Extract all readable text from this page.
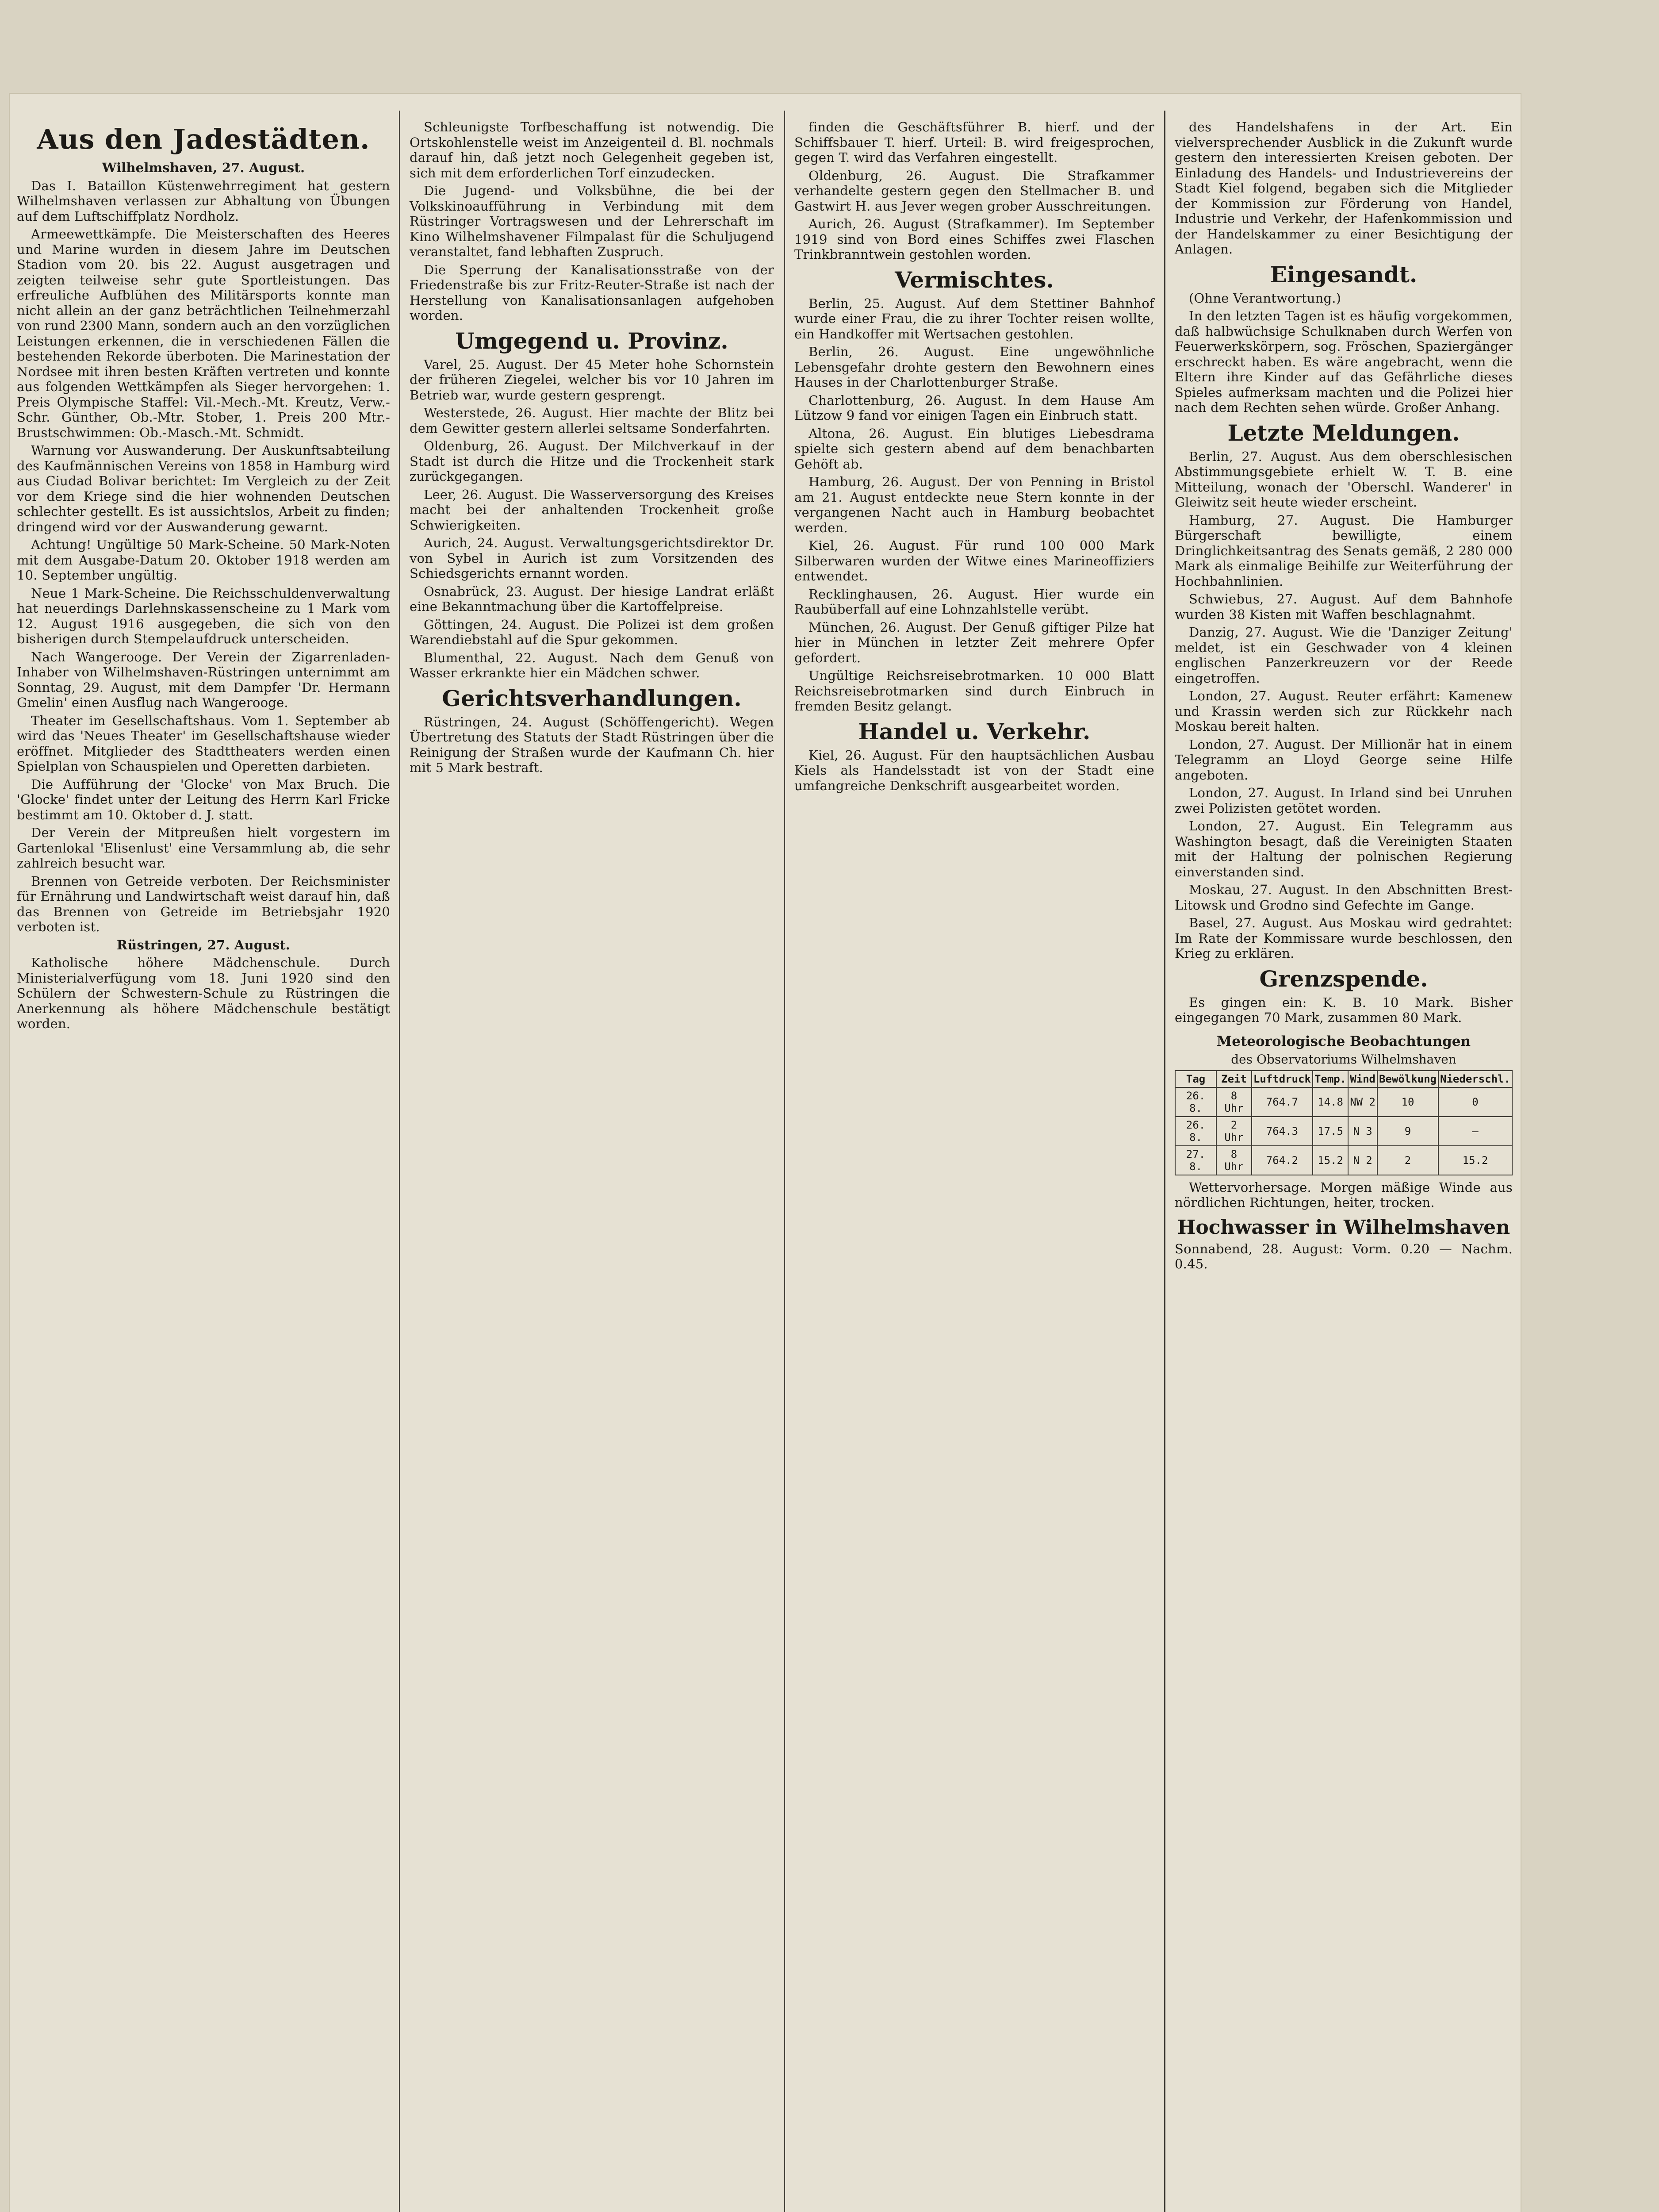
Aus den Jadestädten.

Wilhelmshaven, 27. August.

Das I. Bataillon Küstenwehrregiment hat gestern Wilhelmshaven verlassen zur Abhaltung von Übungen auf dem Luftschiffplatz Nordholz.

Armeewettkämpfe. Die Meisterschaften des Heeres und Marine wurden in diesem Jahre im Deutschen Stadion vom 20. bis 22. August ausgetragen und zeigten teilweise sehr gute Sportleistungen. Das erfreuliche Aufblühen des Militärsports konnte man nicht allein an der ganz beträchtlichen Teilnehmerzahl von rund 2300 Mann, sondern auch an den vorzüglichen Leistungen erkennen, die in verschiedenen Fällen die bestehenden Rekorde überboten. Die Marinestation der Nordsee mit ihren besten Kräften vertreten und konnte aus folgenden Wettkämpfen als Sieger hervorgehen: 1. Preis Olympische Staffel: Vil.-Mech.-Mt. Kreutz, Verw.-Schr. Günther, Ob.-Mtr. Stober, 1. Preis 200 Mtr.-Brustschwimmen: Ob.-Masch.-Mt. Schmidt.

Warnung vor Auswanderung. Der Auskunftsabteilung des Kaufmännischen Vereins von 1858 in Hamburg wird aus Ciudad Bolivar berichtet: Im Vergleich zu der Zeit vor dem Kriege sind die hier wohnenden Deutschen schlechter gestellt. Es ist aussichtslos, Arbeit zu finden; dringend wird vor der Auswanderung gewarnt.

Achtung! Ungültige 50 Mark-Scheine. 50 Mark-Noten mit dem Ausgabe-Datum 20. Oktober 1918 werden am 10. September ungültig.

Neue 1 Mark-Scheine. Die Reichsschuldenverwaltung hat neuerdings Darlehnskassenscheine zu 1 Mark vom 12. August 1916 ausgegeben, die sich von den bisherigen durch Stempelaufdruck unterscheiden.

Nach Wangerooge. Der Verein der Zigarrenladen-Inhaber von Wilhelmshaven-Rüstringen unternimmt am Sonntag, 29. August, mit dem Dampfer 'Dr. Hermann Gmelin' einen Ausflug nach Wangerooge.

Theater im Gesellschaftshaus. Vom 1. September ab wird das 'Neues Theater' im Gesellschaftshause wieder eröffnet. Mitglieder des Stadttheaters werden einen Spielplan von Schauspielen und Operetten darbieten.

Die Aufführung der 'Glocke' von Max Bruch. Die 'Glocke' findet unter der Leitung des Herrn Karl Fricke bestimmt am 10. Oktober d. J. statt.

Der Verein der Mitpreußen hielt vorgestern im Gartenlokal 'Elisenlust' eine Versammlung ab, die sehr zahlreich besucht war.

Brennen von Getreide verboten. Der Reichsminister für Ernährung und Landwirtschaft weist darauf hin, daß das Brennen von Getreide im Betriebsjahr 1920 verboten ist.

Rüstringen, 27. August.

Katholische höhere Mädchenschule. Durch Ministerialverfügung vom 18. Juni 1920 sind den Schülern der Schwestern-Schule zu Rüstringen die Anerkennung als höhere Mädchenschule bestätigt worden.

Schleunigste Torfbeschaffung ist notwendig. Die Ortskohlenstelle weist im Anzeigenteil d. Bl. nochmals darauf hin, daß jetzt noch Gelegenheit gegeben ist, sich mit dem erforderlichen Torf einzudecken.

Die Jugend- und Volksbühne, die bei der Volkskinoaufführung in Verbindung mit dem Rüstringer Vortragswesen und der Lehrerschaft im Kino Wilhelmshavener Filmpalast für die Schuljugend veranstaltet, fand lebhaften Zuspruch.

Die Sperrung der Kanalisationsstraße von der Friedenstraße bis zur Fritz-Reuter-Straße ist nach der Herstellung von Kanalisationsanlagen aufgehoben worden.

Umgegend u. Provinz.

Varel, 25. August. Der 45 Meter hohe Schornstein der früheren Ziegelei, welcher bis vor 10 Jahren im Betrieb war, wurde gestern gesprengt.

Westerstede, 26. August. Hier machte der Blitz bei dem Gewitter gestern allerlei seltsame Sonderfahrten.

Oldenburg, 26. August. Der Milchverkauf in der Stadt ist durch die Hitze und die Trockenheit stark zurückgegangen.

Leer, 26. August. Die Wasserversorgung des Kreises macht bei der anhaltenden Trockenheit große Schwierigkeiten.

Aurich, 24. August. Verwaltungsgerichtsdirektor Dr. von Sybel in Aurich ist zum Vorsitzenden des Schiedsgerichts ernannt worden.

Osnabrück, 23. August. Der hiesige Landrat erläßt eine Bekanntmachung über die Kartoffelpreise.

Göttingen, 24. August. Die Polizei ist dem großen Warendiebstahl auf die Spur gekommen.

Blumenthal, 22. August. Nach dem Genuß von Wasser erkrankte hier ein Mädchen schwer.

Gerichtsverhandlungen.

Rüstringen, 24. August (Schöffengericht). Wegen Übertretung des Statuts der Stadt Rüstringen über die Reinigung der Straßen wurde der Kaufmann Ch. hier mit 5 Mark bestraft.

finden die Geschäftsführer B. hierf. und der Schiffsbauer T. hierf. Urteil: B. wird freigesprochen, gegen T. wird das Verfahren eingestellt.

Oldenburg, 26. August. Die Strafkammer verhandelte gestern gegen den Stellmacher B. und Gastwirt H. aus Jever wegen grober Ausschreitungen.

Aurich, 26. August (Strafkammer). Im September 1919 sind von Bord eines Schiffes zwei Flaschen Trinkbranntwein gestohlen worden.

Vermischtes.

Berlin, 25. August. Auf dem Stettiner Bahnhof wurde einer Frau, die zu ihrer Tochter reisen wollte, ein Handkoffer mit Wertsachen gestohlen.

Berlin, 26. August. Eine ungewöhnliche Lebensgefahr drohte gestern den Bewohnern eines Hauses in der Charlottenburger Straße.

Charlottenburg, 26. August. In dem Hause Am Lützow 9 fand vor einigen Tagen ein Einbruch statt.

Altona, 26. August. Ein blutiges Liebesdrama spielte sich gestern abend auf dem benachbarten Gehöft ab.

Hamburg, 26. August. Der von Penning in Bristol am 21. August entdeckte neue Stern konnte in der vergangenen Nacht auch in Hamburg beobachtet werden.

Kiel, 26. August. Für rund 100 000 Mark Silberwaren wurden der Witwe eines Marineoffiziers entwendet.

Recklinghausen, 26. August. Hier wurde ein Raubüberfall auf eine Lohnzahlstelle verübt.

München, 26. August. Der Genuß giftiger Pilze hat hier in München in letzter Zeit mehrere Opfer gefordert.

Ungültige Reichsreisebrotmarken. 10 000 Blatt Reichsreisebrotmarken sind durch Einbruch in fremden Besitz gelangt.

Handel u. Verkehr.

Kiel, 26. August. Für den hauptsächlichen Ausbau Kiels als Handelsstadt ist von der Stadt eine umfangreiche Denkschrift ausgearbeitet worden.

des Handelshafens in der Art. Ein vielversprechender Ausblick in die Zukunft wurde gestern den interessierten Kreisen geboten. Der Einladung des Handels- und Industrievereins der Stadt Kiel folgend, begaben sich die Mitglieder der Kommission zur Förderung von Handel, Industrie und Verkehr, der Hafenkommission und der Handelskammer zu einer Besichtigung der Anlagen.

Eingesandt.

(Ohne Verantwortung.)

In den letzten Tagen ist es häufig vorgekommen, daß halbwüchsige Schulknaben durch Werfen von Feuerwerkskörpern, sog. Fröschen, Spaziergänger erschreckt haben. Es wäre angebracht, wenn die Eltern ihre Kinder auf das Gefährliche dieses Spieles aufmerksam machten und die Polizei hier nach dem Rechten sehen würde. Großer Anhang.

Letzte Meldungen.

Berlin, 27. August. Aus dem oberschlesischen Abstimmungsgebiete erhielt W. T. B. eine Mitteilung, wonach der 'Oberschl. Wanderer' in Gleiwitz seit heute wieder erscheint.

Hamburg, 27. August. Die Hamburger Bürgerschaft bewilligte, einem Dringlichkeitsantrag des Senats gemäß, 2 280 000 Mark als einmalige Beihilfe zur Weiterführung der Hochbahnlinien.

Schwiebus, 27. August. Auf dem Bahnhofe wurden 38 Kisten mit Waffen beschlagnahmt.

Danzig, 27. August. Wie die 'Danziger Zeitung' meldet, ist ein Geschwader von 4 kleinen englischen Panzerkreuzern vor der Reede eingetroffen.

London, 27. August. Reuter erfährt: Kamenew und Krassin werden sich zur Rückkehr nach Moskau bereit halten.

London, 27. August. Der Millionär hat in einem Telegramm an Lloyd George seine Hilfe angeboten.

London, 27. August. In Irland sind bei Unruhen zwei Polizisten getötet worden.

London, 27. August. Ein Telegramm aus Washington besagt, daß die Vereinigten Staaten mit der Haltung der polnischen Regierung einverstanden sind.

Moskau, 27. August. In den Abschnitten Brest-Litowsk und Grodno sind Gefechte im Gange.

Basel, 27. August. Aus Moskau wird gedrahtet: Im Rate der Kommissare wurde beschlossen, den Krieg zu erklären.

Grenzspende.

Es gingen ein: K. B. 10 Mark. Bisher eingegangen 70 Mark, zusammen 80 Mark.

Meteorologische Beobachtungen
des Observatoriums Wilhelmshaven
Tag	Zeit	Luftdruck	Temp.	Wind	Bewölkung	Niederschl.
26. 8.	8 Uhr	764.7	14.8	NW 2	10	0
26. 8.	2 Uhr	764.3	17.5	N 3	9	—
27. 8.	8 Uhr	764.2	15.2	N 2	2	15.2

Wettervorhersage. Morgen mäßige Winde aus nördlichen Richtungen, heiter, trocken.

Hochwasser in Wilhelmshaven

Sonnabend, 28. August: Vorm. 0.20 — Nachm. 0.45.
